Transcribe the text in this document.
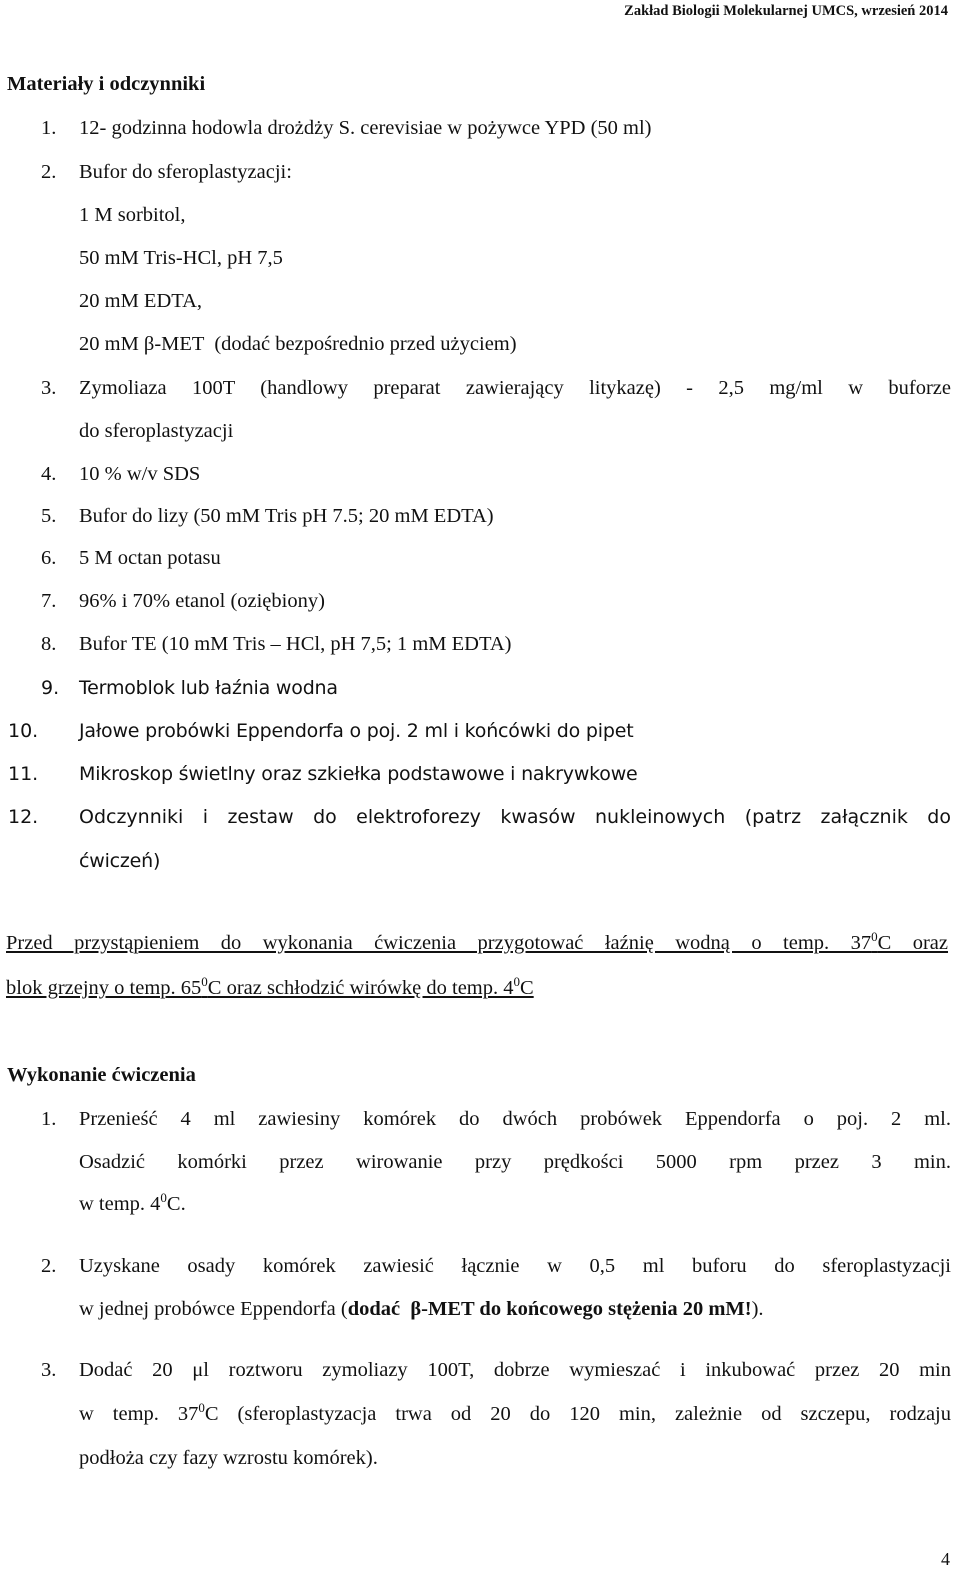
Zakład Biologii Molekularnej UMCS, wrzesień 2014
Materiały i odczynniki
1. 12- godzinna hodowla drożdży S. cerevisiae w pożywce YPD (50 ml)
2. Bufor do sferoplastyzacji:
1 M sorbitol,
50 mM Tris-HCl, pH 7,5
20 mM EDTA,
20 mM β-MET  (dodać bezpośrednio przed użyciem)
3. Zymoliaza 100T (handlowy preparat zawierający litykazę) - 2,5 mg/ml w buforze
do sferoplastyzacji
4. 10 % w/v SDS
5. Bufor do lizy (50 mM Tris pH 7.5; 20 mM EDTA)
6. 5 M octan potasu
7. 96% i 70% etanol (oziębiony)
8. Bufor TE (10 mM Tris – HCl, pH 7,5; 1 mM EDTA)
9. Termoblok lub łaźnia wodna
10. Jałowe probówki Eppendorfa o poj. 2 ml i końcówki do pipet
11. Mikroskop świetlny oraz szkiełka podstawowe i nakrywkowe
12. Odczynniki i zestaw do elektroforezy kwasów nukleinowych (patrz załącznik do
ćwiczeń)
Przed przystąpieniem do wykonania ćwiczenia przygotować łaźnię wodną o temp. $37^0C$ oraz
blok grzejny o temp. $65^0C$ oraz schłodzić wirówkę do temp. $4^0C$
Wykonanie ćwiczenia
1. Przenieść 4 ml zawiesiny komórek do dwóch probówek Eppendorfa o poj. 2 ml.
Osadzić komórki przez wirowanie przy prędkości 5000 rpm przez 3 min.
w temp. $4^0C$.
2. Uzyskane osady komórek zawiesić łącznie w 0,5 ml buforu do sferoplastyzacji
w jednej probówce Eppendorfa (dodać  β-MET do końcowego stężenia 20 mM!).
3. Dodać 20 μl roztworu zymoliazy 100T, dobrze wymieszać i inkubować przez 20 min
w temp. $37^0C$ (sferoplastyzacja trwa od 20 do 120 min, zależnie od szczepu, rodzaju
podłoża czy fazy wzrostu komórek).
4
